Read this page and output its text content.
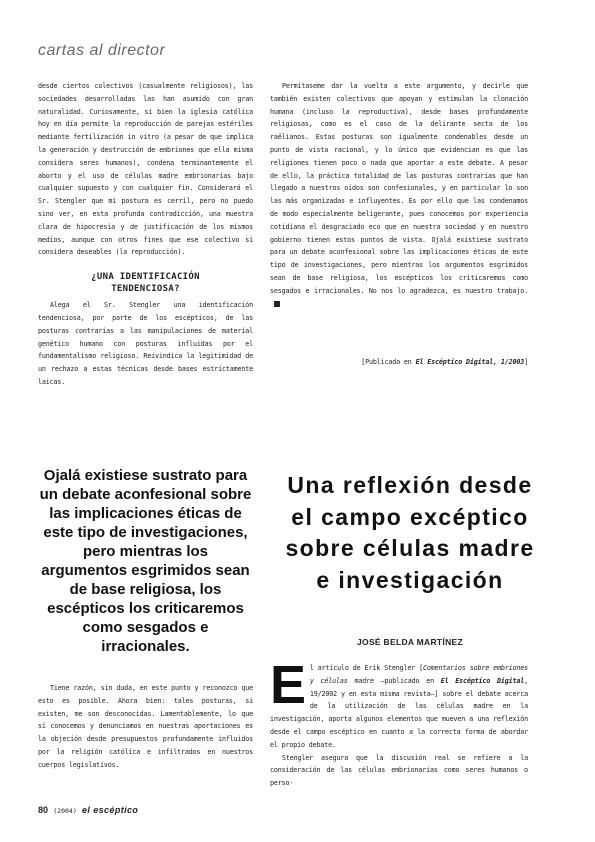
cartas al director

desde ciertos colectivos (casualmente religiosos), las sociedades desarrolladas las han asumido con gran naturalidad. Curiosamente, si bien la iglesia católica hoy en día permite la reproducción de parejas estériles mediante fertilización in vitro (a pesar de que implica la generación y destrucción de embriones que ella misma considera seres humanos), condena terminantemente el aborto y el uso de células madre embrionarias bajo cualquier supuesto y con cualquier fin. Considerará el Sr. Stengler que mi postura es cerril, pero no puedo sino ver, en esta profunda contradicción, una muestra clara de hipocresía y de justificación de los mismos medios, aunque con otros fines que ese colectivo sí considera deseables (la reproducción).

¿UNA IDENTIFICACIÓN
TENDENCIOSA?

Alega el Sr. Stengler una identificación tendenciosa, por parte de los escépticos, de las posturas contrarias a las manipulaciones de material genético humano con posturas influidas por el fundamentalismo religioso. Reivindica la legitimidad de un rechazo a estas técnicas desde bases estrictamente laicas.

Permítaseme dar la vuelta a este argumento, y decirle que también existen colectivos que apoyan y estimulan la clonación humana (incluso la reproductiva), desde bases profundamente religiosas, como es el caso de la delirante secta de los raëlianos. Estas posturas son igualmente condenables desde un punto de vista racional, y lo único que evidencian es que las religiones tienen poco o nada que aportar a este debate. A pesar de ello, la práctica totalidad de las posturas contrarias que han llegado a nuestros oídos son confesionales, y en particular lo son las más organizadas e influyentes. Es por ello que las condenamos de modo especialmente beligerante, pues conocemos por experiencia cotidiana el desgraciado eco que en nuestra sociedad y en nuestro gobierno tienen estos puntos de vista. Ojalá existiese sustrato para un debate aconfesional sobre las implicaciones éticas de este tipo de investigaciones, pero mientras los argumentos esgrimidos sean de base religiosa, los escépticos los criticaremos como sesgados e irracionales. No nos lo agradezca, es nuestro trabajo.

[Publicada en El Escéptico Digital, 1/2003]
Ojalá existiese sustrato para un debate aconfesional sobre las implicaciones éticas de este tipo de investigaciones, pero mientras los argumentos esgrimidos sean de base religiosa, los escépticos los criticaremos como sesgados e irracionales.
Una reflexión desde el campo excéptico sobre células madre e investigación
JOSÉ BELDA MARTÍNEZ

Tiene razón, sin duda, en este punto y reconozco que esto es posible. Ahora bien: tales posturas, si existen, me son desconocidas. Lamentablemente, lo que sí conocemos y denunciamos en nuestras aportaciones es la objeción desde presupuestos profundamente influidos por la religión católica e infiltrados en nuestros cuerpos legislativos.

El artículo de Erik Stengler [Comentarios sobre embriones y células madre –publicado en El Escéptico Digital, 19/2002 y en esta misma revista–] sobre el debate acerca de la utilización de las células madre en la investigación, aporta algunos elementos que mueven a una reflexión desde el campo escéptico en cuanto a la correcta forma de abordar el propio debate.

Stengler asegura que la discusión real se refiere a la consideración de las células embrionarias como seres humanos o perso-

80 (2004) el escéptico
